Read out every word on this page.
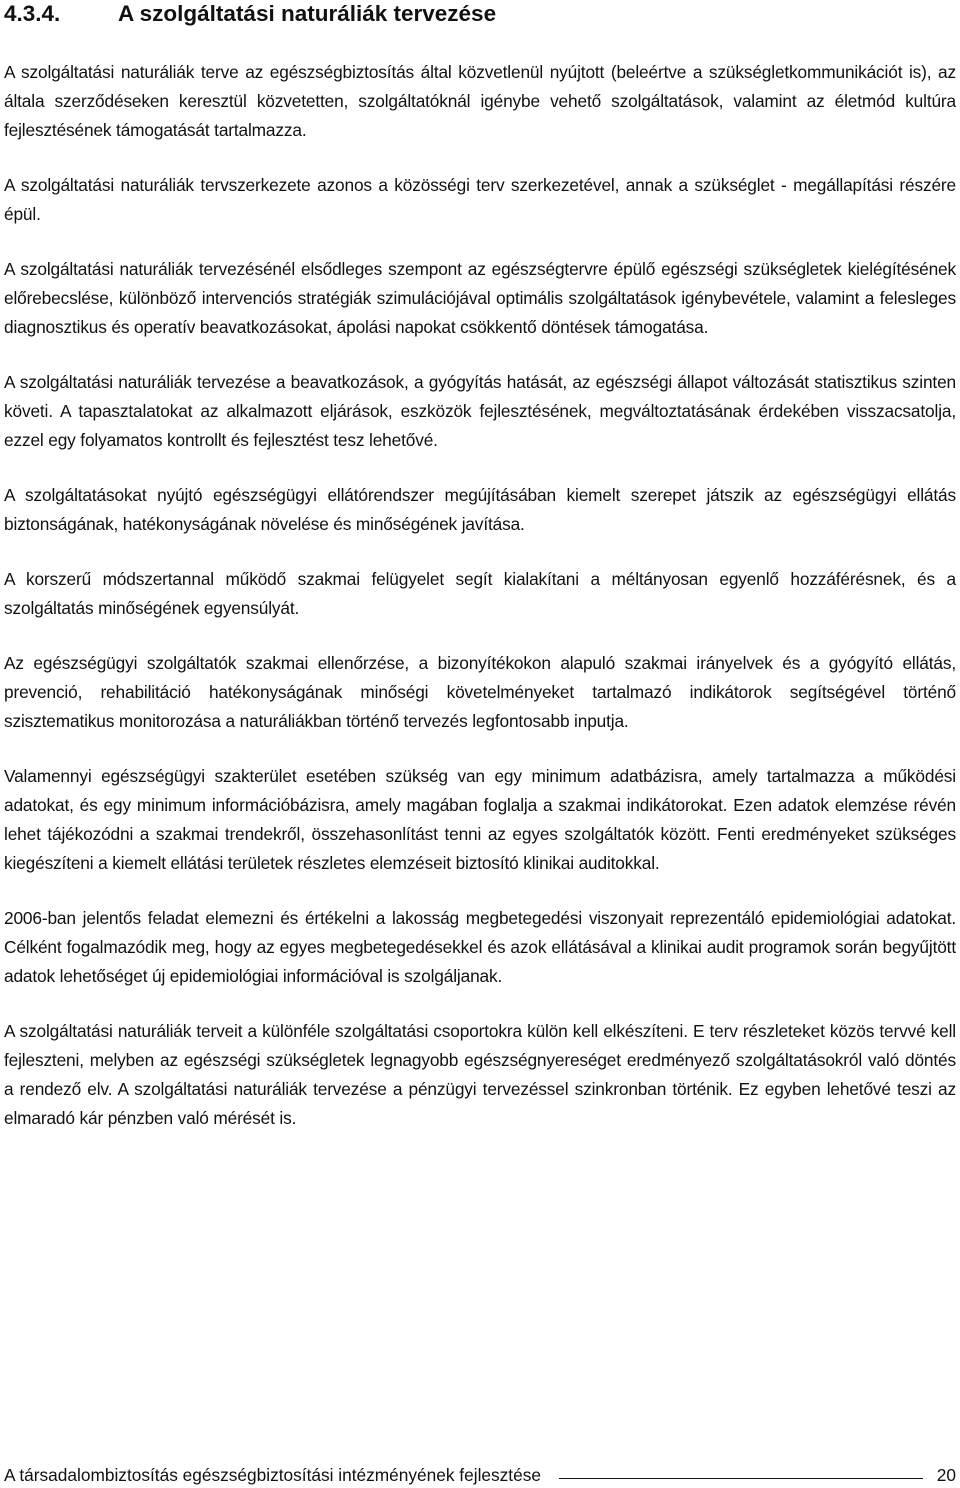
4.3.4.	A szolgáltatási naturáliák tervezése

A szolgáltatási naturáliák terve az egészségbiztosítás által közvetlenül nyújtott (beleértve a szükségletkommunikációt is), az általa szerződéseken keresztül közvetetten, szolgáltatóknál igénybe vehető szolgáltatások, valamint az életmód kultúra fejlesztésének támogatását tartalmazza.

A szolgáltatási naturáliák tervszerkezete azonos a közösségi terv szerkezetével, annak a szükséglet - megállapítási részére épül.

A szolgáltatási naturáliák tervezésénél elsődleges szempont az egészségtervre épülő egészségi szükségletek kielégítésének előrebecslése, különböző intervenciós stratégiák szimulációjával optimális szolgáltatások igénybevétele, valamint a felesleges diagnosztikus és operatív beavatkozásokat, ápolási napokat csökkentő döntések támogatása.

A szolgáltatási naturáliák tervezése a beavatkozások, a gyógyítás hatását, az egészségi állapot változását statisztikus szinten követi. A tapasztalatokat az alkalmazott eljárások, eszközök fejlesztésének, megváltoztatásának érdekében visszacsatolja, ezzel egy folyamatos kontrollt és fejlesztést tesz lehetővé.

A szolgáltatásokat nyújtó egészségügyi ellátórendszer megújításában kiemelt szerepet játszik az egészségügyi ellátás biztonságának, hatékonyságának növelése és minőségének javítása.

A korszerű módszertannal működő szakmai felügyelet segít kialakítani a méltányosan egyenlő hozzáférésnek, és a szolgáltatás minőségének egyensúlyát.

Az egészségügyi szolgáltatók szakmai ellenőrzése, a bizonyítékokon alapuló szakmai irányelvek és a gyógyító ellátás, prevenció, rehabilitáció hatékonyságának minőségi követelményeket tartalmazó indikátorok segítségével történő szisztematikus monitorozása a naturáliákban történő tervezés legfontosabb inputja.

Valamennyi egészségügyi szakterület esetében szükség van egy minimum adatbázisra, amely tartalmazza a működési adatokat, és egy minimum információbázisra, amely magában foglalja a szakmai indikátorokat. Ezen adatok elemzése révén lehet tájékozódni a szakmai trendekről, összehasonlítást tenni az egyes szolgáltatók között. Fenti eredményeket szükséges kiegészíteni a kiemelt ellátási területek részletes elemzéseit biztosító klinikai auditokkal.

2006-ban jelentős feladat elemezni és értékelni a lakosság megbetegedési viszonyait reprezentáló epidemiológiai adatokat. Célként fogalmazódik meg, hogy az egyes megbetegedésekkel és azok ellátásával a klinikai audit programok során begyűjtött adatok lehetőséget új epidemiológiai információval is szolgáljanak.

A szolgáltatási naturáliák terveit a különféle szolgáltatási csoportokra külön kell elkészíteni. E terv részleteket közös tervvé kell fejleszteni, melyben az egészségi szükségletek legnagyobb egészségnyereséget eredményező szolgáltatásokról való döntés a rendező elv. A szolgáltatási naturáliák tervezése a pénzügyi tervezéssel szinkronban történik. Ez egyben lehetővé teszi az elmaradó kár pénzben való mérését is.

A társadalombiztosítás egészségbiztosítási intézményének fejlesztése	20
